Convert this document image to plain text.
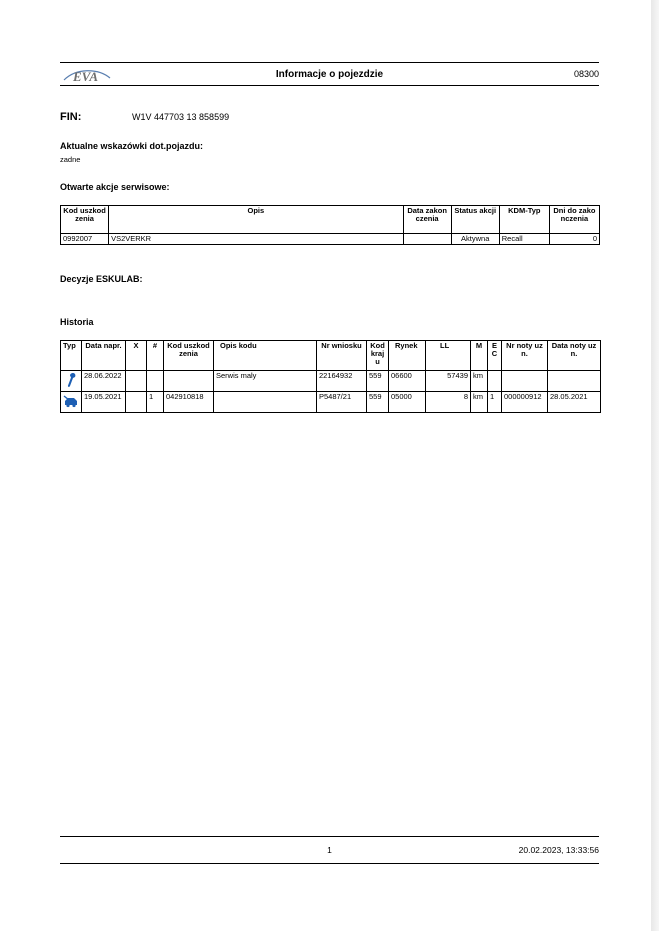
EVA	Informacje o pojezdzie	08300
FIN:	W1V 447703 13 858599
Aktualne wskazówki dot.pojazdu:
zadne
Otwarte akcje serwisowe:
Kod uszkodzenia	Opis	Data zakonczenia	Status akcji	KDM-Typ	Dni do zakonczenia
0992007	VS2VERKR		Aktywna	Recall	0
Decyzje ESKULAB:
Historia
Typ	Data napr.	X	#	Kod uszkodzenia	Opis kodu	Nr wniosku	Kod kraju	Rynek	LL	M	EC	Nr noty uzn.	Data noty uzn.
	28.06.2022				Serwis maly	22164932	559	06600	57439	km			
	19.05.2021		1	042910818		P5487/21	559	05000	8	km	1	000000912	28.05.2021
1	20.02.2023, 13:33:56
